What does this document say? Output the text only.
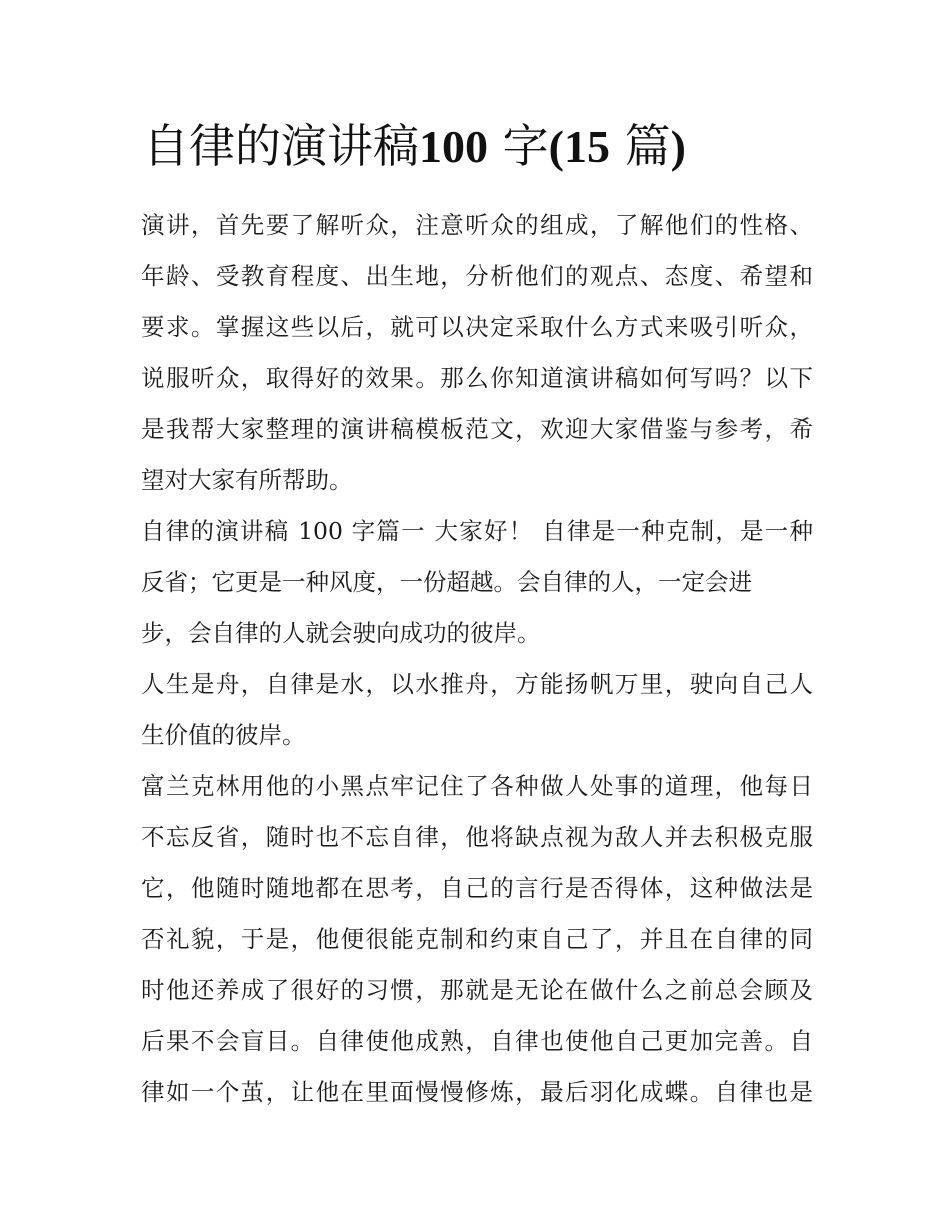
自律的演讲稿100 字(15 篇)
演讲，首先要了解听众，注意听众的组成，了解他们的性格、
年龄、受教育程度、出生地，分析他们的观点、态度、希望和
要求。掌握这些以后，就可以决定采取什么方式来吸引听众，
说服听众，取得好的效果。那么你知道演讲稿如何写吗？以下
是我帮大家整理的演讲稿模板范文，欢迎大家借鉴与参考，希
望对大家有所帮助。
自律的演讲稿 100 字篇一 大家好！ 自律是一种克制，是一种
反省；它更是一种风度，一份超越。会自律的人，一定会进
步，会自律的人就会驶向成功的彼岸。
人生是舟，自律是水，以水推舟，方能扬帆万里，驶向自己人
生价值的彼岸。
富兰克林用他的小黑点牢记住了各种做人处事的道理，他每日
不忘反省，随时也不忘自律，他将缺点视为敌人并去积极克服
它，他随时随地都在思考，自己的言行是否得体，这种做法是
否礼貌，于是，他便很能克制和约束自己了，并且在自律的同
时他还养成了很好的习惯，那就是无论在做什么之前总会顾及
后果不会盲目。自律使他成熟，自律也使他自己更加完善。自
律如一个茧，让他在里面慢慢修炼，最后羽化成蝶。自律也是
